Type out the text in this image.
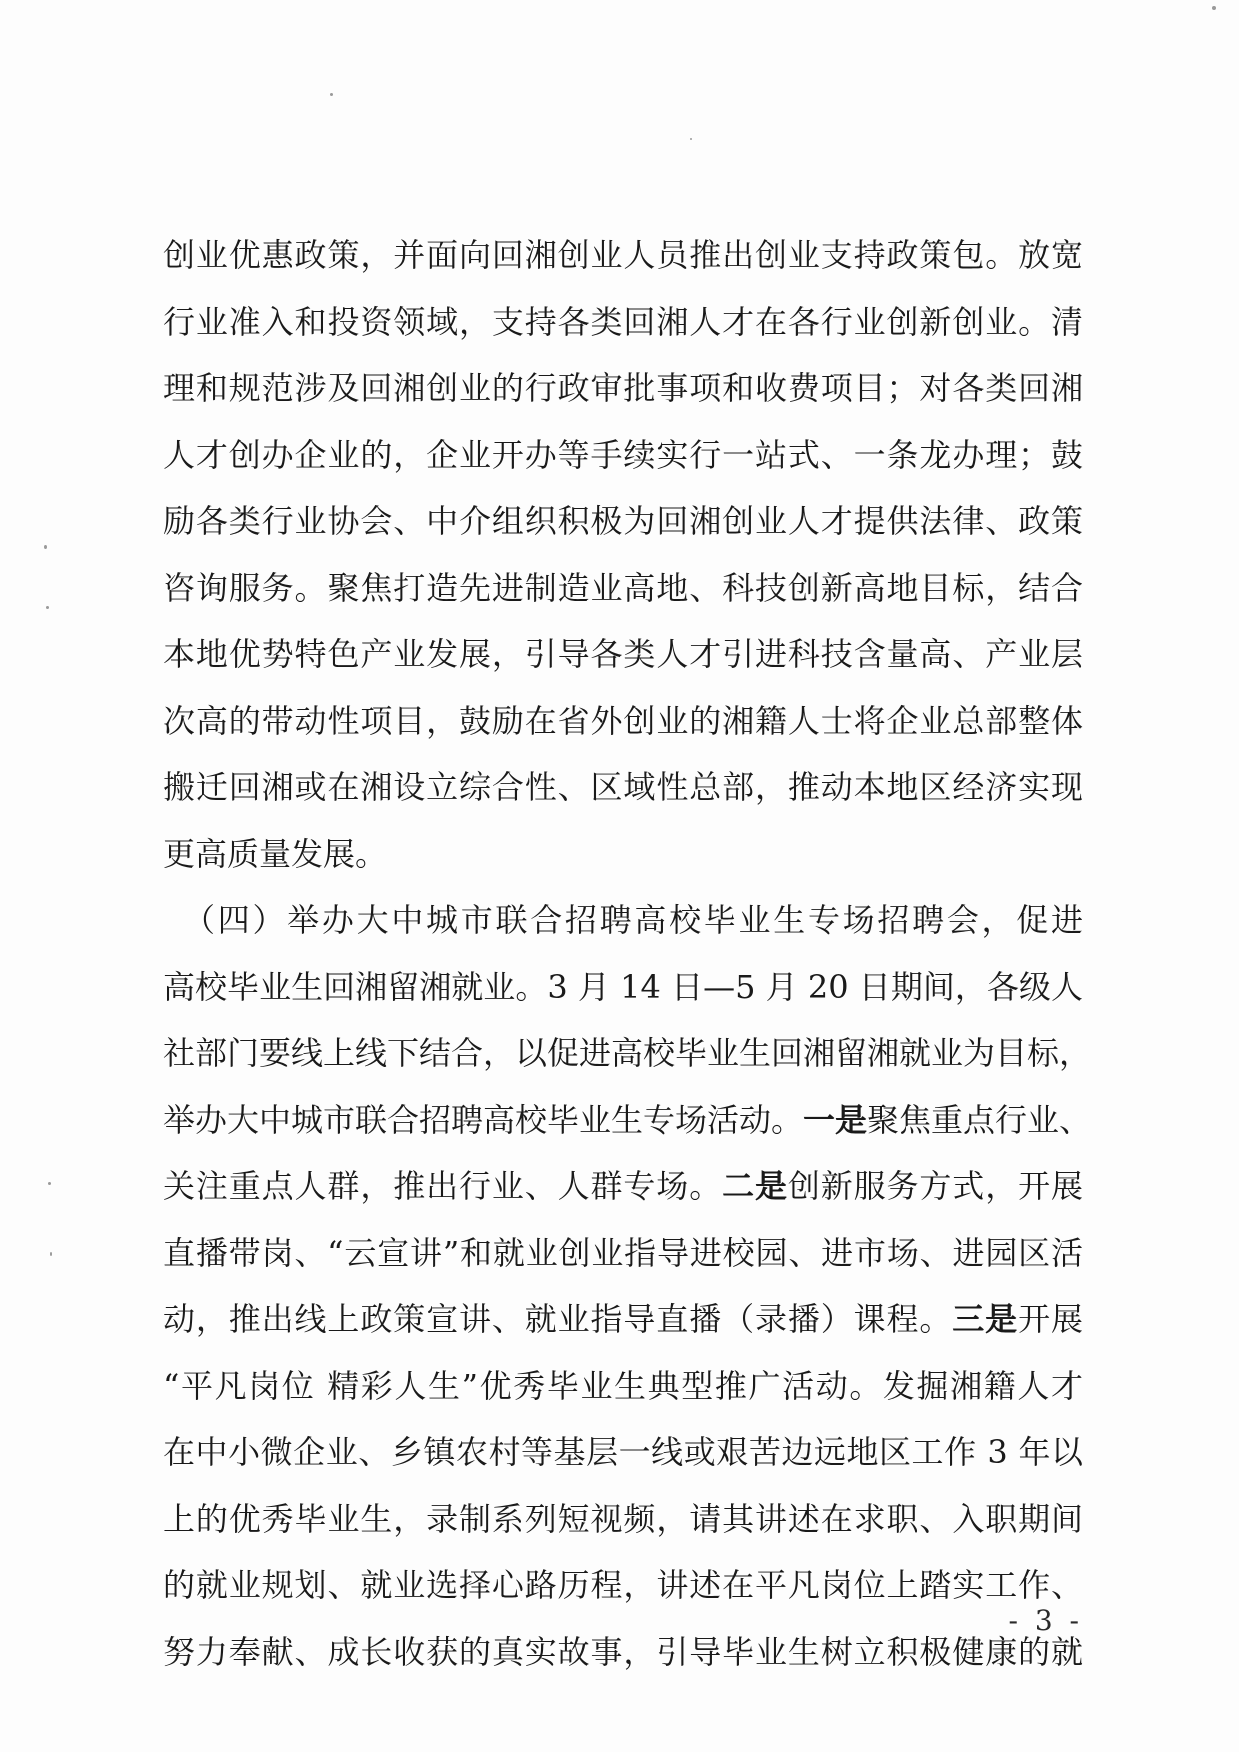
创业优惠政策，并面向回湘创业人员推出创业支持政策包。放宽
行业准入和投资领域，支持各类回湘人才在各行业创新创业。清
理和规范涉及回湘创业的行政审批事项和收费项目；对各类回湘
人才创办企业的，企业开办等手续实行一站式、一条龙办理；鼓
励各类行业协会、中介组织积极为回湘创业人才提供法律、政策
咨询服务。聚焦打造先进制造业高地、科技创新高地目标，结合
本地优势特色产业发展，引导各类人才引进科技含量高、产业层
次高的带动性项目，鼓励在省外创业的湘籍人士将企业总部整体
搬迁回湘或在湘设立综合性、区域性总部，推动本地区经济实现
更高质量发展。
（四）举办大中城市联合招聘高校毕业生专场招聘会，促进
高校毕业生回湘留湘就业。3 月 14 日—5 月 20 日期间，各级人
社部门要线上线下结合，以促进高校毕业生回湘留湘就业为目标，
举办大中城市联合招聘高校毕业生专场活动。一是聚焦重点行业、
关注重点人群，推出行业、人群专场。二是创新服务方式，开展
直播带岗、“云宣讲”和就业创业指导进校园、进市场、进园区活
动，推出线上政策宣讲、就业指导直播（录播）课程。三是开展
“平凡岗位 精彩人生”优秀毕业生典型推广活动。发掘湘籍人才
在中小微企业、乡镇农村等基层一线或艰苦边远地区工作 3 年以
上的优秀毕业生，录制系列短视频，请其讲述在求职、入职期间
的就业规划、就业选择心路历程，讲述在平凡岗位上踏实工作、
努力奉献、成长收获的真实故事，引导毕业生树立积极健康的就
- 3 -
